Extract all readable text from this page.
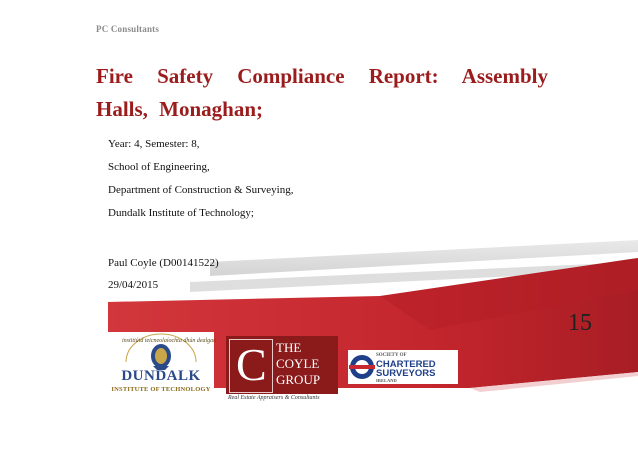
PC Consultants
Fire Safety Compliance Report: Assembly Halls, Monaghan;
Year: 4, Semester: 8,
School of Engineering,
Department of Construction & Surveying,
Dundalk Institute of Technology;
Paul Coyle (D00141522)
29/04/2015
15
institiúid teicneolaíochta dhún dealgan
DUNDALK
INSTITUTE OF TECHNOLOGY C THE
COYLE
GROUP
Real Estate Appraisers & Consultants
SOCIETY OF
CHARTERED
SURVEYORS
IRELAND
